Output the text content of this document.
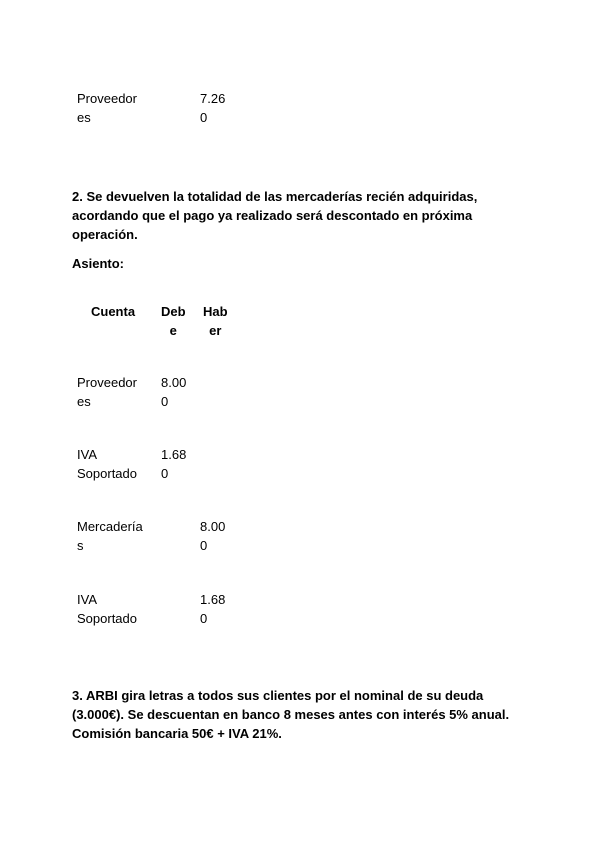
Proveedor
es
7.26
0
2. Se devuelven la totalidad de las mercaderías recién adquiridas,
acordando que el pago ya realizado será descontado en próxima
operación.
Asiento:
Cuenta Deb
e
Hab
er
Proveedor
es
8.00
0
IVA
Soportado
1.68
0
Mercadería
s
8.00
0
IVA
Soportado
1.68
0
3. ARBI gira letras a todos sus clientes por el nominal de su deuda
(3.000€). Se descuentan en banco 8 meses antes con interés 5% anual.
Comisión bancaria 50€ + IVA 21%.
